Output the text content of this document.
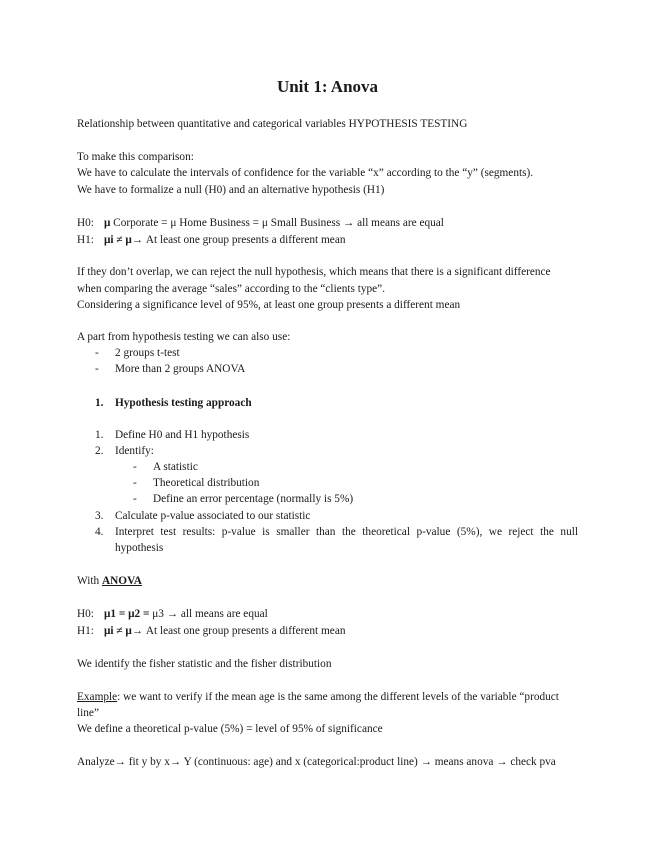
Unit 1: Anova
Relationship between quantitative and categorical variables HYPOTHESIS TESTING
To make this comparison:
We have to calculate the intervals of confidence for the variable “x” according to the “y” (segments).
We have to formalize a null (H0) and an alternative hypothesis (H1)
H0: μ Corporate = μ Home Business = μ Small Business → all means are equal
H1: μi ≠ μ→ At least one group presents a different mean
If they don’t overlap, we can reject the null hypothesis, which means that there is a significant difference
when comparing the average “sales” according to the “clients type”.
Considering a significance level of 95%, at least one group presents a different mean
A part from hypothesis testing we can also use:
- 2 groups t-test
- More than 2 groups ANOVA
1. Hypothesis testing approach
1. Define H0 and H1 hypothesis
2. Identify:
- A statistic
- Theoretical distribution
- Define an error percentage (normally is 5%)
3. Calculate p-value associated to our statistic
4. Interpret test results: p-value is smaller than the theoretical p-value (5%), we reject the null
hypothesis
With ANOVA
H0: μ1 = μ2 = μ3 → all means are equal
H1: μi ≠ μ→ At least one group presents a different mean
We identify the fisher statistic and the fisher distribution
Example: we want to verify if the mean age is the same among the different levels of the variable “product
line”
We define a theoretical p-value (5%) = level of 95% of significance
Analyze→ fit y by x→ Y (continuous: age) and x (categorical:product line) → means anova → check pva
